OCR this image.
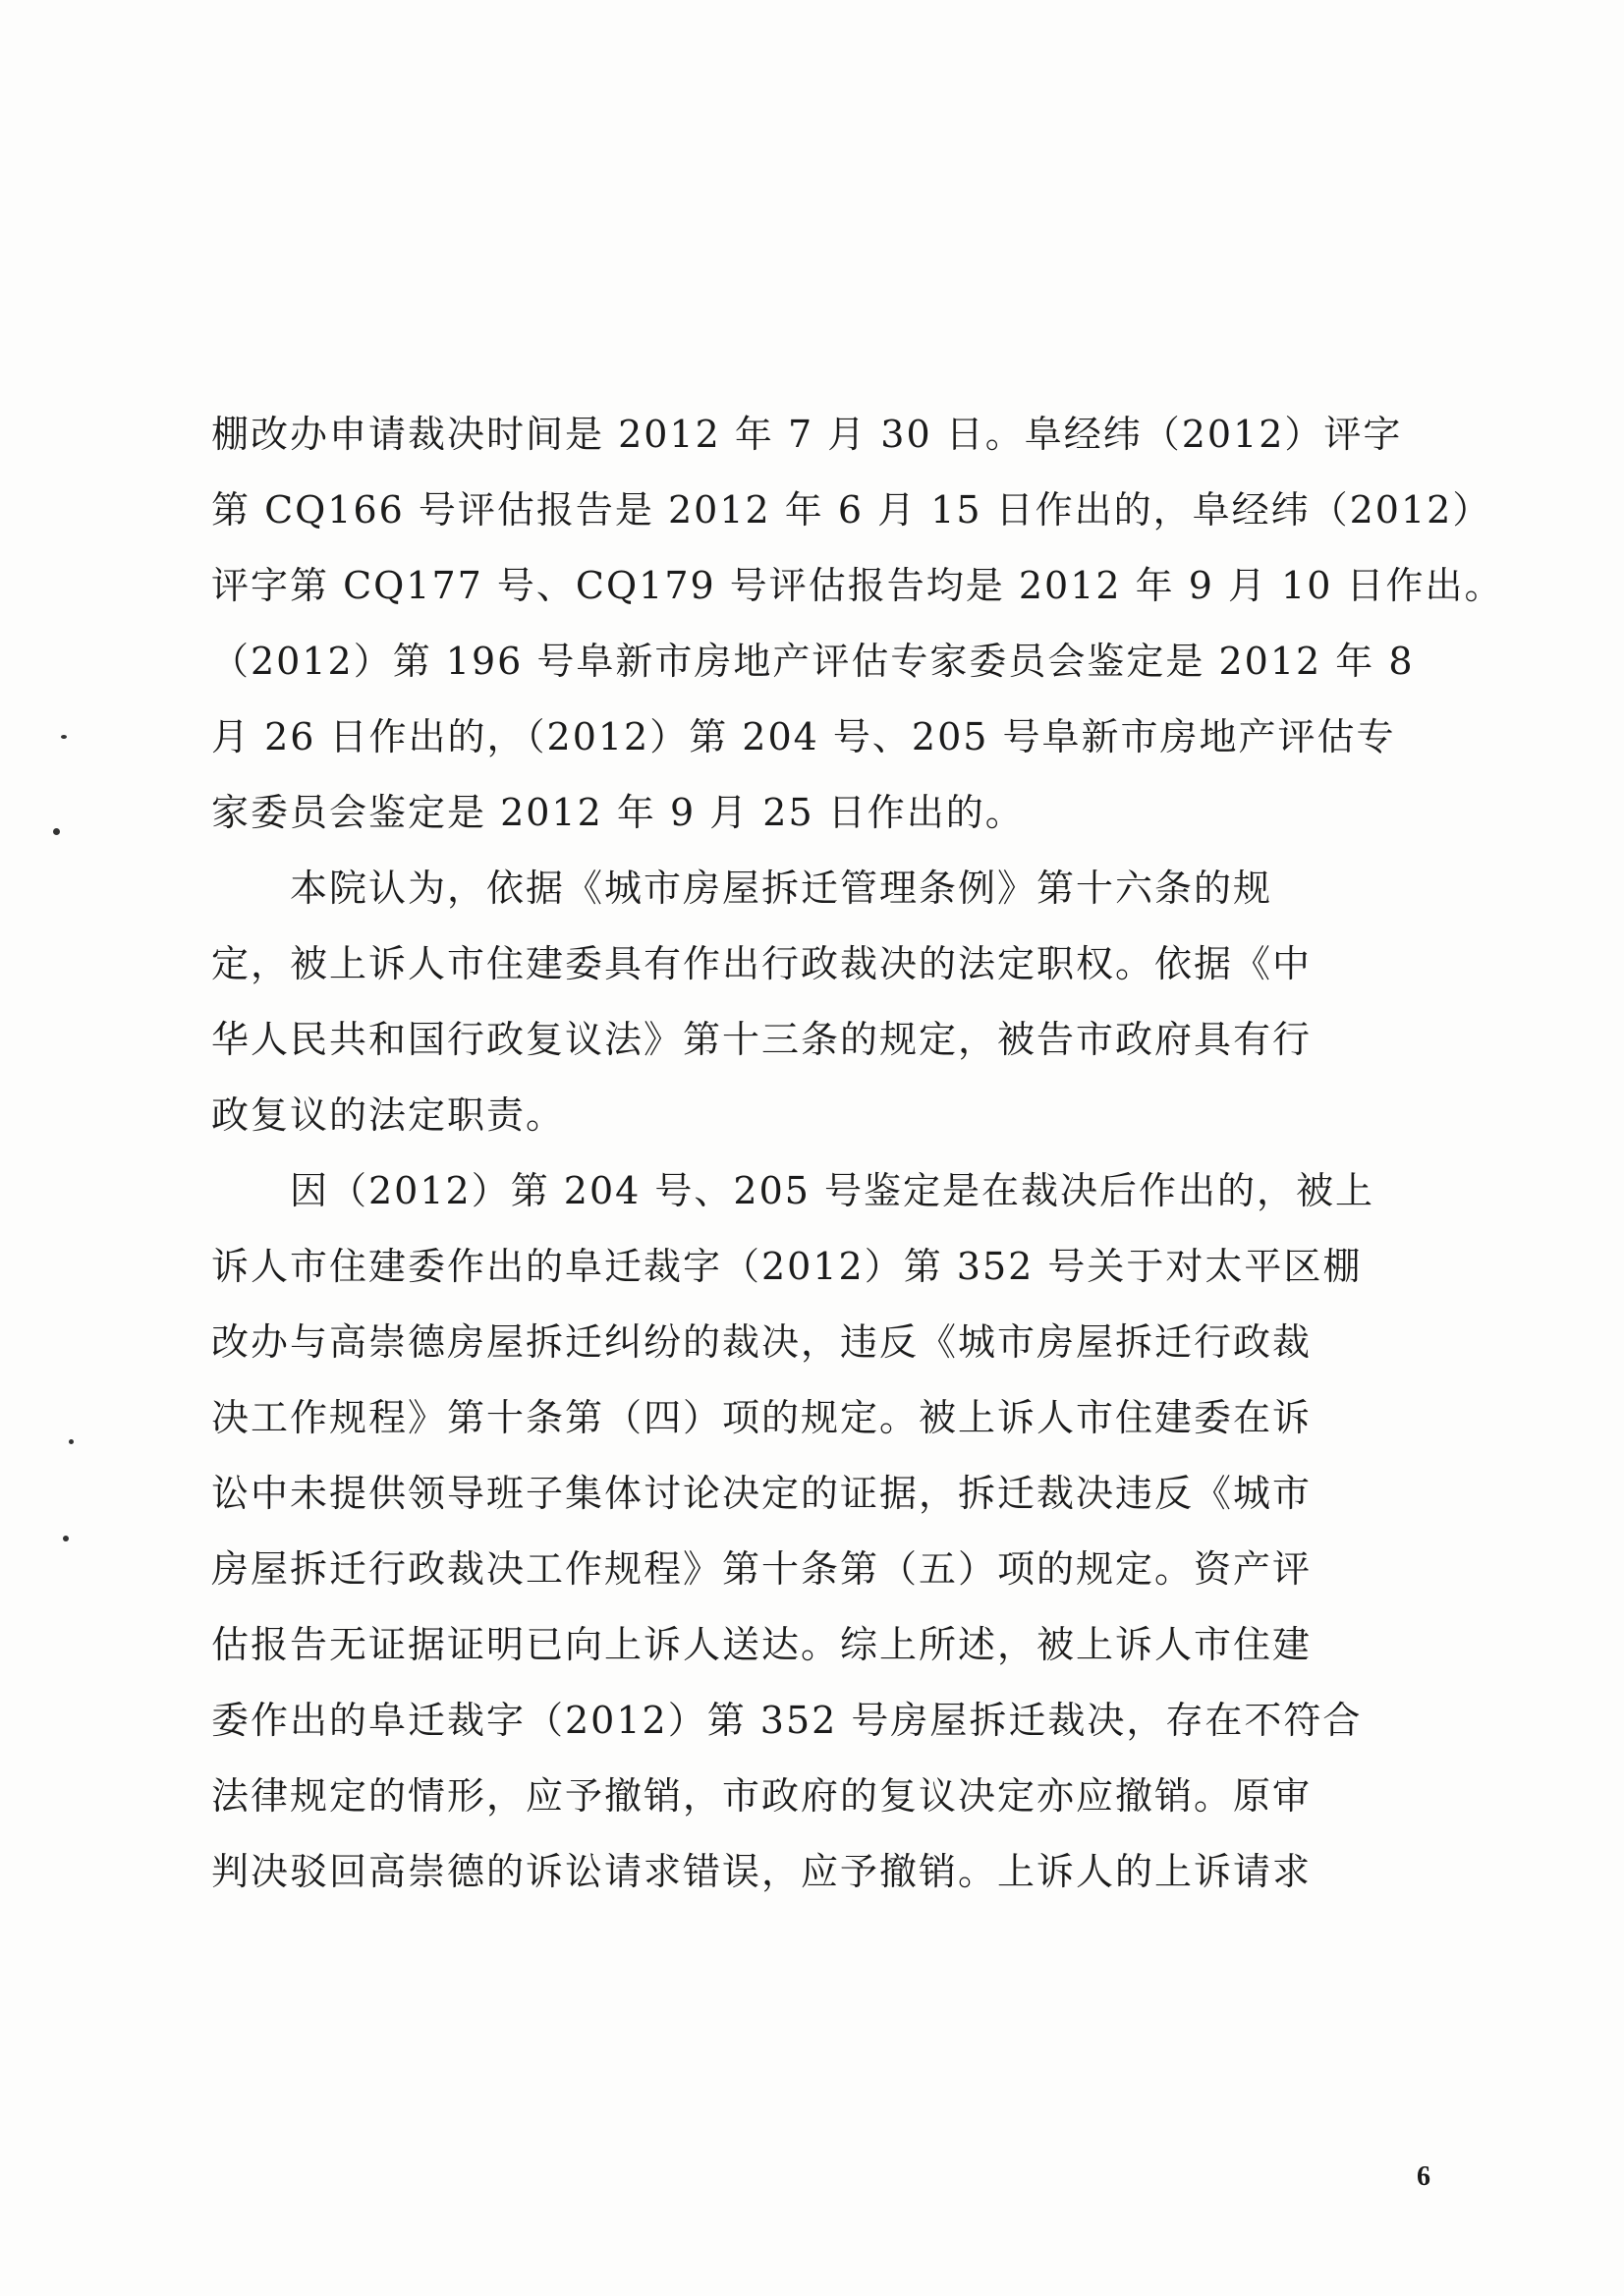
棚改办申请裁决时间是 2012 年 7 月 30 日。阜经纬（2012）评字
第 CQ166 号评估报告是 2012 年 6 月 15 日作出的，阜经纬（2012）
评字第 CQ177 号、CQ179 号评估报告均是 2012 年 9 月 10 日作出。
（2012）第 196 号阜新市房地产评估专家委员会鉴定是 2012 年 8
月 26 日作出的，（2012）第 204 号、205 号阜新市房地产评估专
家委员会鉴定是 2012 年 9 月 25 日作出的。
　　本院认为，依据《城市房屋拆迁管理条例》第十六条的规
定，被上诉人市住建委具有作出行政裁决的法定职权。依据《中
华人民共和国行政复议法》第十三条的规定，被告市政府具有行
政复议的法定职责。
　　因（2012）第 204 号、205 号鉴定是在裁决后作出的，被上
诉人市住建委作出的阜迁裁字（2012）第 352 号关于对太平区棚
改办与高崇德房屋拆迁纠纷的裁决，违反《城市房屋拆迁行政裁
决工作规程》第十条第（四）项的规定。被上诉人市住建委在诉
讼中未提供领导班子集体讨论决定的证据，拆迁裁决违反《城市
房屋拆迁行政裁决工作规程》第十条第（五）项的规定。资产评
估报告无证据证明已向上诉人送达。综上所述，被上诉人市住建
委作出的阜迁裁字（2012）第 352 号房屋拆迁裁决，存在不符合
法律规定的情形，应予撤销，市政府的复议决定亦应撤销。原审
判决驳回高崇德的诉讼请求错误，应予撤销。上诉人的上诉请求
6
